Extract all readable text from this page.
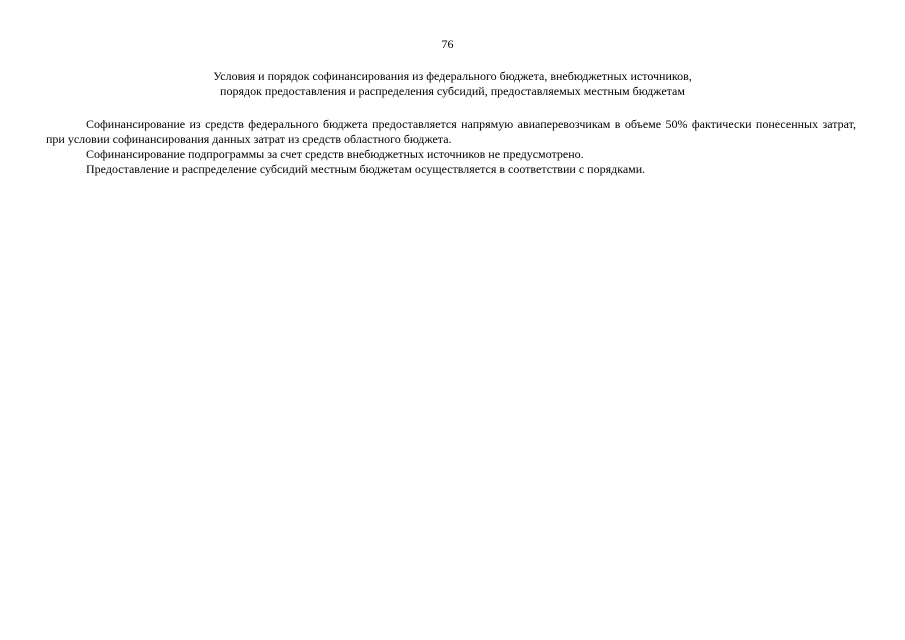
76
Условия и порядок софинансирования из федерального бюджета, внебюджетных источников,
порядок предоставления и распределения субсидий, предоставляемых местным бюджетам

Софинансирование из средств федерального бюджета предоставляется напрямую авиаперевозчикам в объеме 50% фактически понесенных затрат, при условии софинансирования данных затрат из средств областного бюджета.

Софинансирование подпрограммы за счет средств внебюджетных источников не предусмотрено.

Предоставление и распределение субсидий местным бюджетам осуществляется в соответствии с порядками.
